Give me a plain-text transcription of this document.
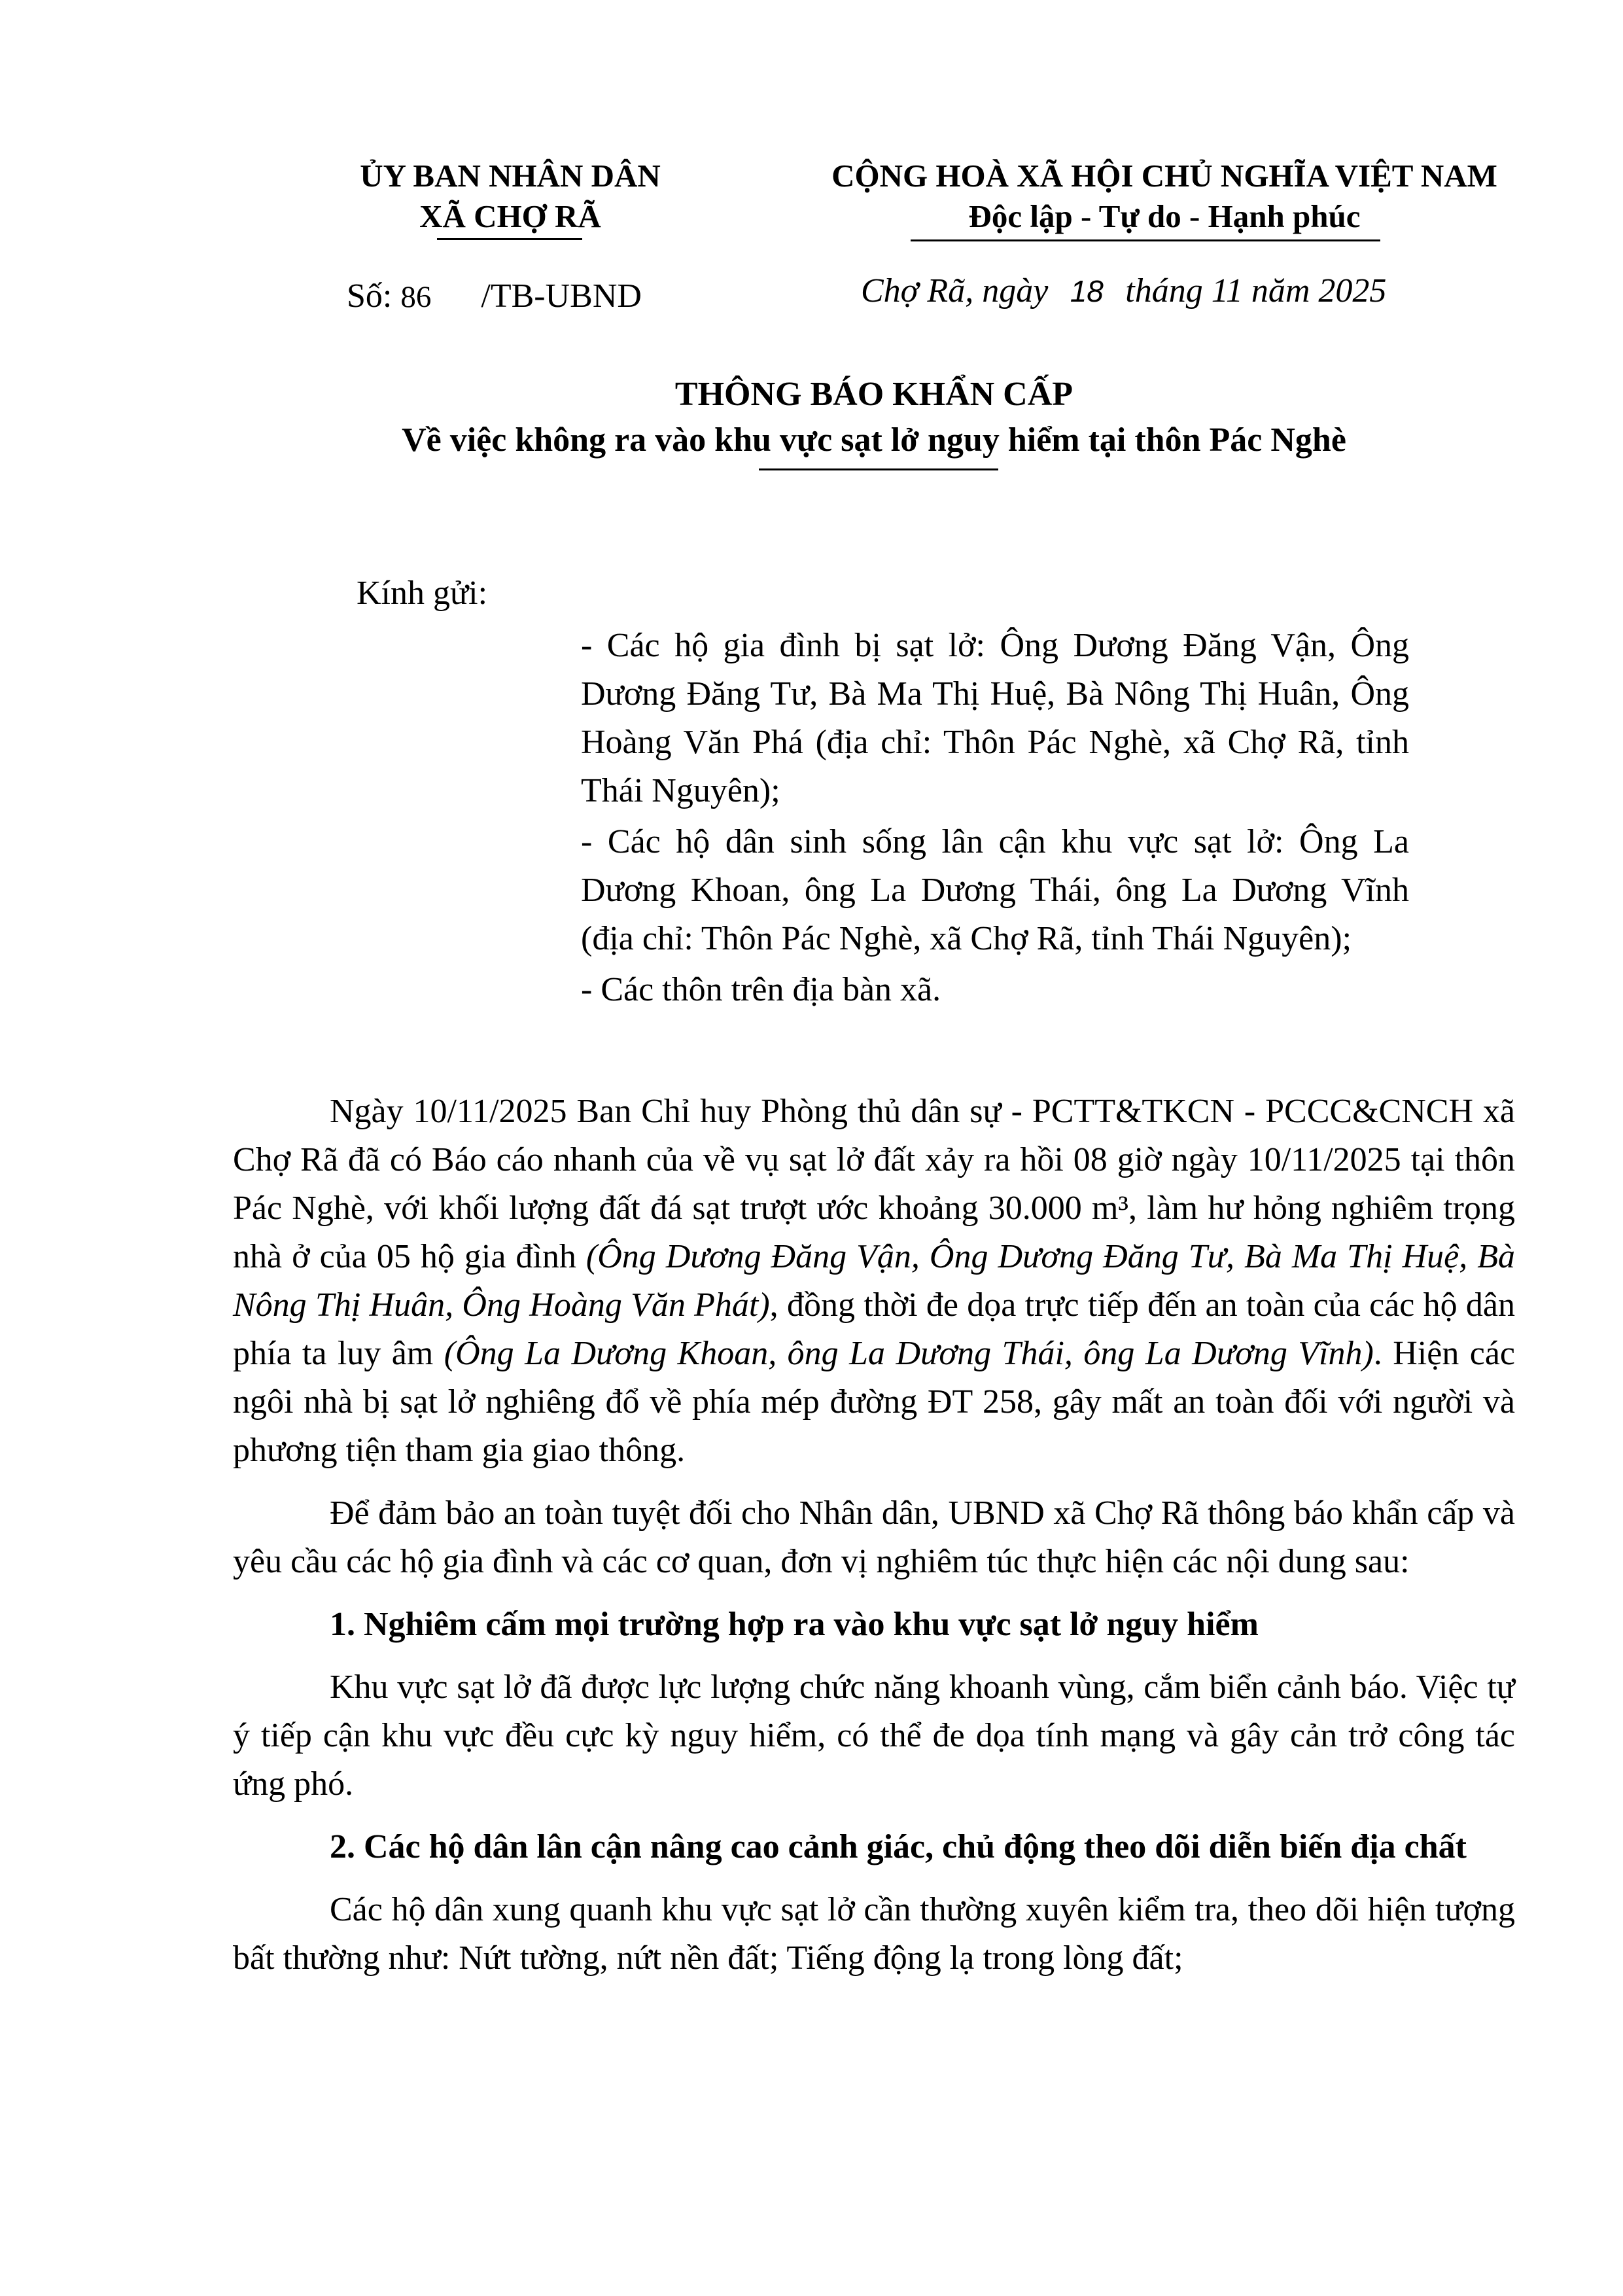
ỦY BAN NHÂN DÂN
XÃ CHỢ RÃ
CỘNG HOÀ XÃ HỘI CHỦ NGHĨA VIỆT NAM
Độc lập - Tự do - Hạnh phúc
Số: 86 /TB-UBND	Chợ Rã, ngày 18 tháng 11 năm 2025
THÔNG BÁO KHẨN CẤP
Về việc không ra vào khu vực sạt lở nguy hiểm tại thôn Pác Nghè
Kính gửi:

- Các hộ gia đình bị sạt lở: Ông Dương Đăng Vận, Ông Dương Đăng Tư, Bà Ma Thị Huệ, Bà Nông Thị Huân, Ông Hoàng Văn Phá (địa chỉ: Thôn Pác Nghè, xã Chợ Rã, tỉnh Thái Nguyên);

- Các hộ dân sinh sống lân cận khu vực sạt lở: Ông La Dương Khoan, ông La Dương Thái, ông La Dương Vĩnh (địa chỉ: Thôn Pác Nghè, xã Chợ Rã, tỉnh Thái Nguyên);

- Các thôn trên địa bàn xã.

Ngày 10/11/2025 Ban Chỉ huy Phòng thủ dân sự - PCTT&TKCN - PCCC&CNCH xã Chợ Rã đã có Báo cáo nhanh của về vụ sạt lở đất xảy ra hồi 08 giờ ngày 10/11/2025 tại thôn Pác Nghè, với khối lượng đất đá sạt trượt ước khoảng 30.000 m³, làm hư hỏng nghiêm trọng nhà ở của 05 hộ gia đình (Ông Dương Đăng Vận, Ông Dương Đăng Tư, Bà Ma Thị Huệ, Bà Nông Thị Huân, Ông Hoàng Văn Phát), đồng thời đe dọa trực tiếp đến an toàn của các hộ dân phía ta luy âm (Ông La Dương Khoan, ông La Dương Thái, ông La Dương Vĩnh). Hiện các ngôi nhà bị sạt lở nghiêng đổ về phía mép đường ĐT 258, gây mất an toàn đối với người và phương tiện tham gia giao thông.

Để đảm bảo an toàn tuyệt đối cho Nhân dân, UBND xã Chợ Rã thông báo khẩn cấp và yêu cầu các hộ gia đình và các cơ quan, đơn vị nghiêm túc thực hiện các nội dung sau:

1. Nghiêm cấm mọi trường hợp ra vào khu vực sạt lở nguy hiểm

Khu vực sạt lở đã được lực lượng chức năng khoanh vùng, cắm biển cảnh báo. Việc tự ý tiếp cận khu vực đều cực kỳ nguy hiểm, có thể đe dọa tính mạng và gây cản trở công tác ứng phó.

2. Các hộ dân lân cận nâng cao cảnh giác, chủ động theo dõi diễn biến địa chất

Các hộ dân xung quanh khu vực sạt lở cần thường xuyên kiểm tra, theo dõi hiện tượng bất thường như: Nứt tường, nứt nền đất; Tiếng động lạ trong lòng đất;
